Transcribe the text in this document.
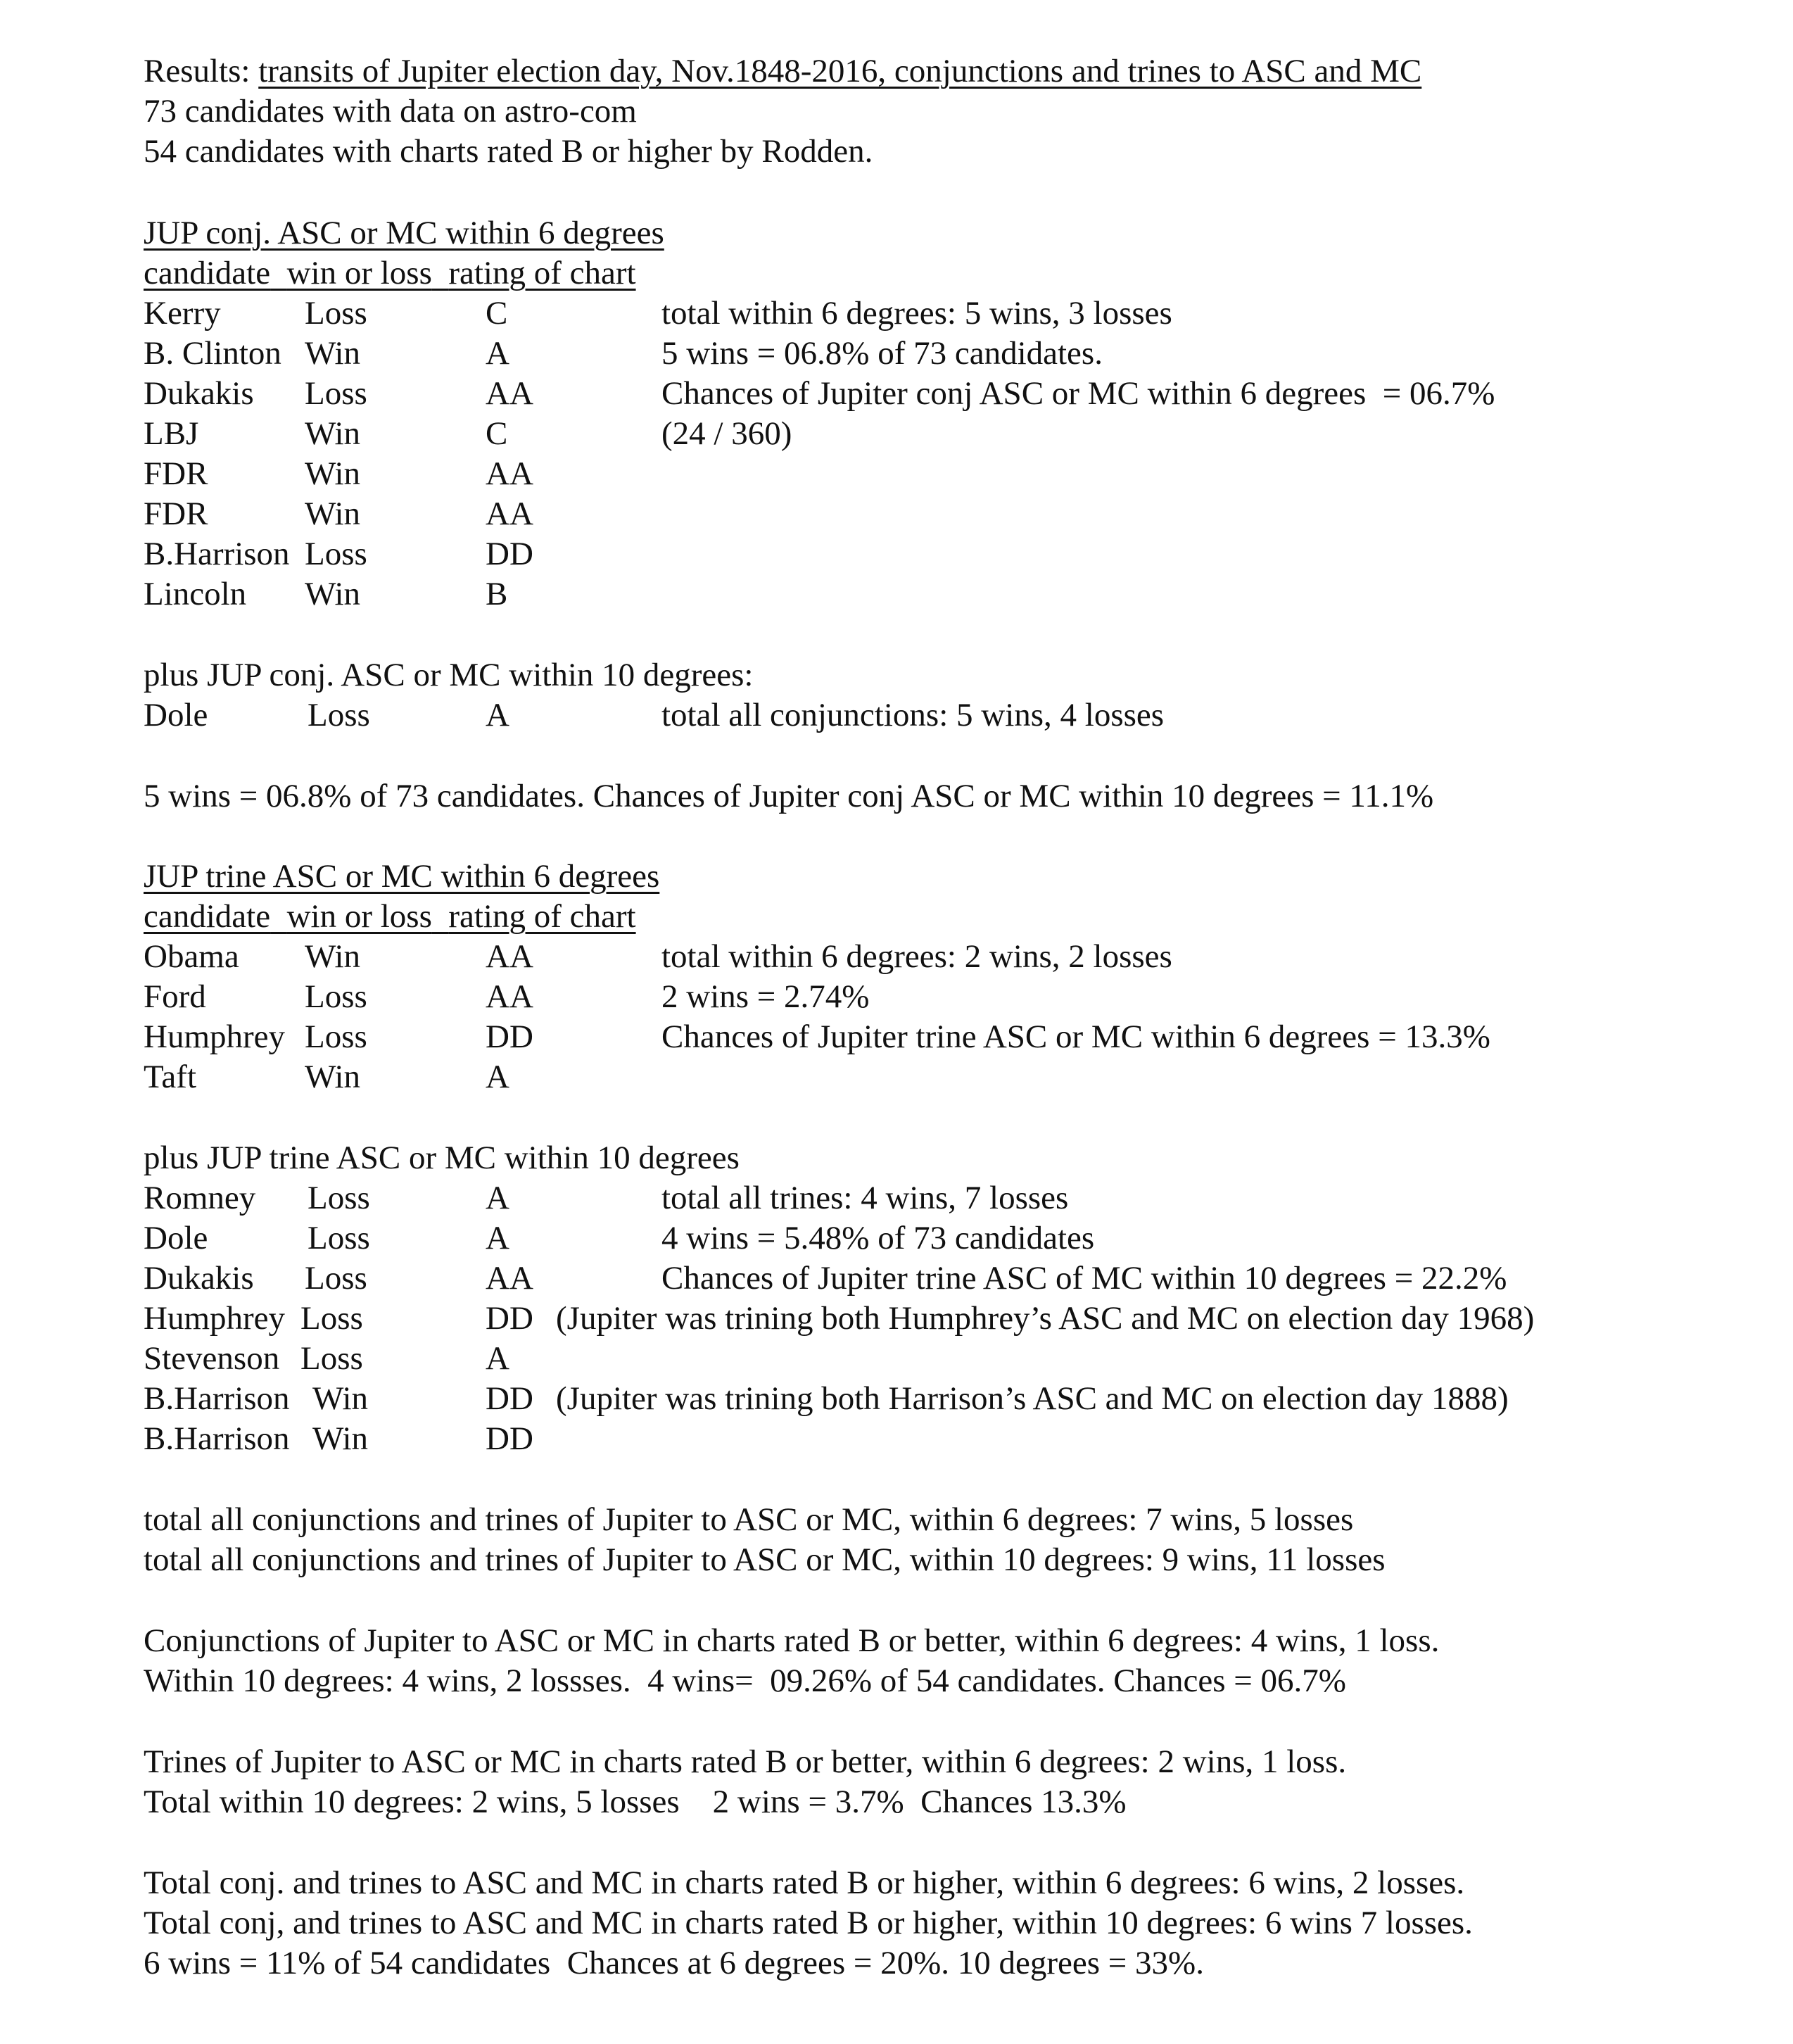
Results: transits of Jupiter election day, Nov.1848-2016, conjunctions and trines to ASC and MC
73 candidates with data on astro-com
54 candidates with charts rated B or higher by Rodden.
JUP conj. ASC or MC within 6 degrees
candidate win or loss rating of chart
Kerry	Loss	C
B. Clinton Win	A
Dukakis Loss	AA
LBJ	Win	C
FDR	Win	AA
FDR	Win	AA
B.Harrison Loss	DD
Lincoln Win	B
total within 6 degrees: 5 wins, 3 losses
5 wins = 06.8% of 73 candidates.
Chances of Jupiter conj ASC or MC within 6 degrees  = 06.7%
(24 / 360)
plus JUP conj. ASC or MC within 10 degrees:
Dole	Loss	A	total all conjunctions: 5 wins, 4 losses
5 wins = 06.8% of 73 candidates. Chances of Jupiter conj ASC or MC within 10 degrees = 11.1%
JUP trine ASC or MC within 6 degrees
candidate win or loss rating of chart
Obama Win	AA
Ford	Loss	AA
Humphrey Loss	DD
Taft	Win	A
total within 6 degrees: 2 wins, 2 losses
2 wins = 2.74%
Chances of Jupiter trine ASC or MC within 6 degrees = 13.3%
plus JUP trine ASC or MC within 10 degrees
Romney Loss	A	total all trines: 4 wins, 7 losses
Dole	Loss	A	4 wins = 5.48% of 73 candidates
Dukakis Loss	AA	Chances of Jupiter trine ASC of MC within 10 degrees = 22.2%
Humphrey Loss	DD (Jupiter was trining both Humphrey’s ASC and MC on election day 1968)
Stevenson Loss	A
B.Harrison Win	DD (Jupiter was trining both Harrison’s ASC and MC on election day 1888)
B.Harrison Win	DD
total all conjunctions and trines of Jupiter to ASC or MC, within 6 degrees: 7 wins, 5 losses
total all conjunctions and trines of Jupiter to ASC or MC, within 10 degrees: 9 wins, 11 losses
Conjunctions of Jupiter to ASC or MC in charts rated B or better, within 6 degrees: 4 wins, 1 loss.
Within 10 degrees: 4 wins, 2 lossses.  4 wins=  09.26% of 54 candidates. Chances = 06.7%
Trines of Jupiter to ASC or MC in charts rated B or better, within 6 degrees: 2 wins, 1 loss.
Total within 10 degrees: 2 wins, 5 losses    2 wins = 3.7%  Chances 13.3%
Total conj. and trines to ASC and MC in charts rated B or higher, within 6 degrees: 6 wins, 2 losses.
Total conj, and trines to ASC and MC in charts rated B or higher, within 10 degrees: 6 wins 7 losses.
6 wins = 11% of 54 candidates  Chances at 6 degrees = 20%. 10 degrees = 33%.
